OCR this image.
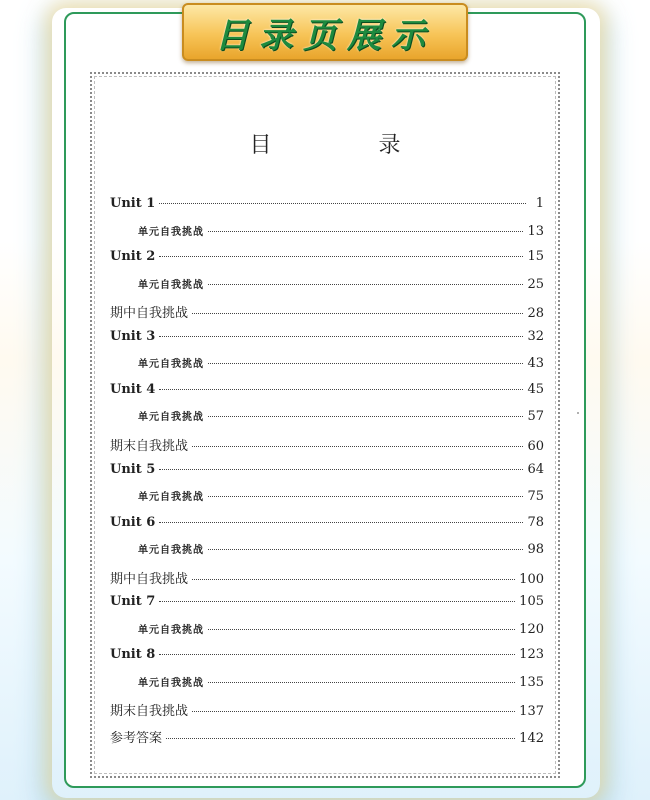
目录页展示
目 录
Unit 1	1
单元自我挑战	13
Unit 2	15
单元自我挑战	25
期中自我挑战	28
Unit 3	32
单元自我挑战	43
Unit 4	45
单元自我挑战	57
期末自我挑战	60
Unit 5	64
单元自我挑战	75
Unit 6	78
单元自我挑战	98
期中自我挑战	100
Unit 7	105
单元自我挑战	120
Unit 8	123
单元自我挑战	135
期末自我挑战	137
参考答案	142
